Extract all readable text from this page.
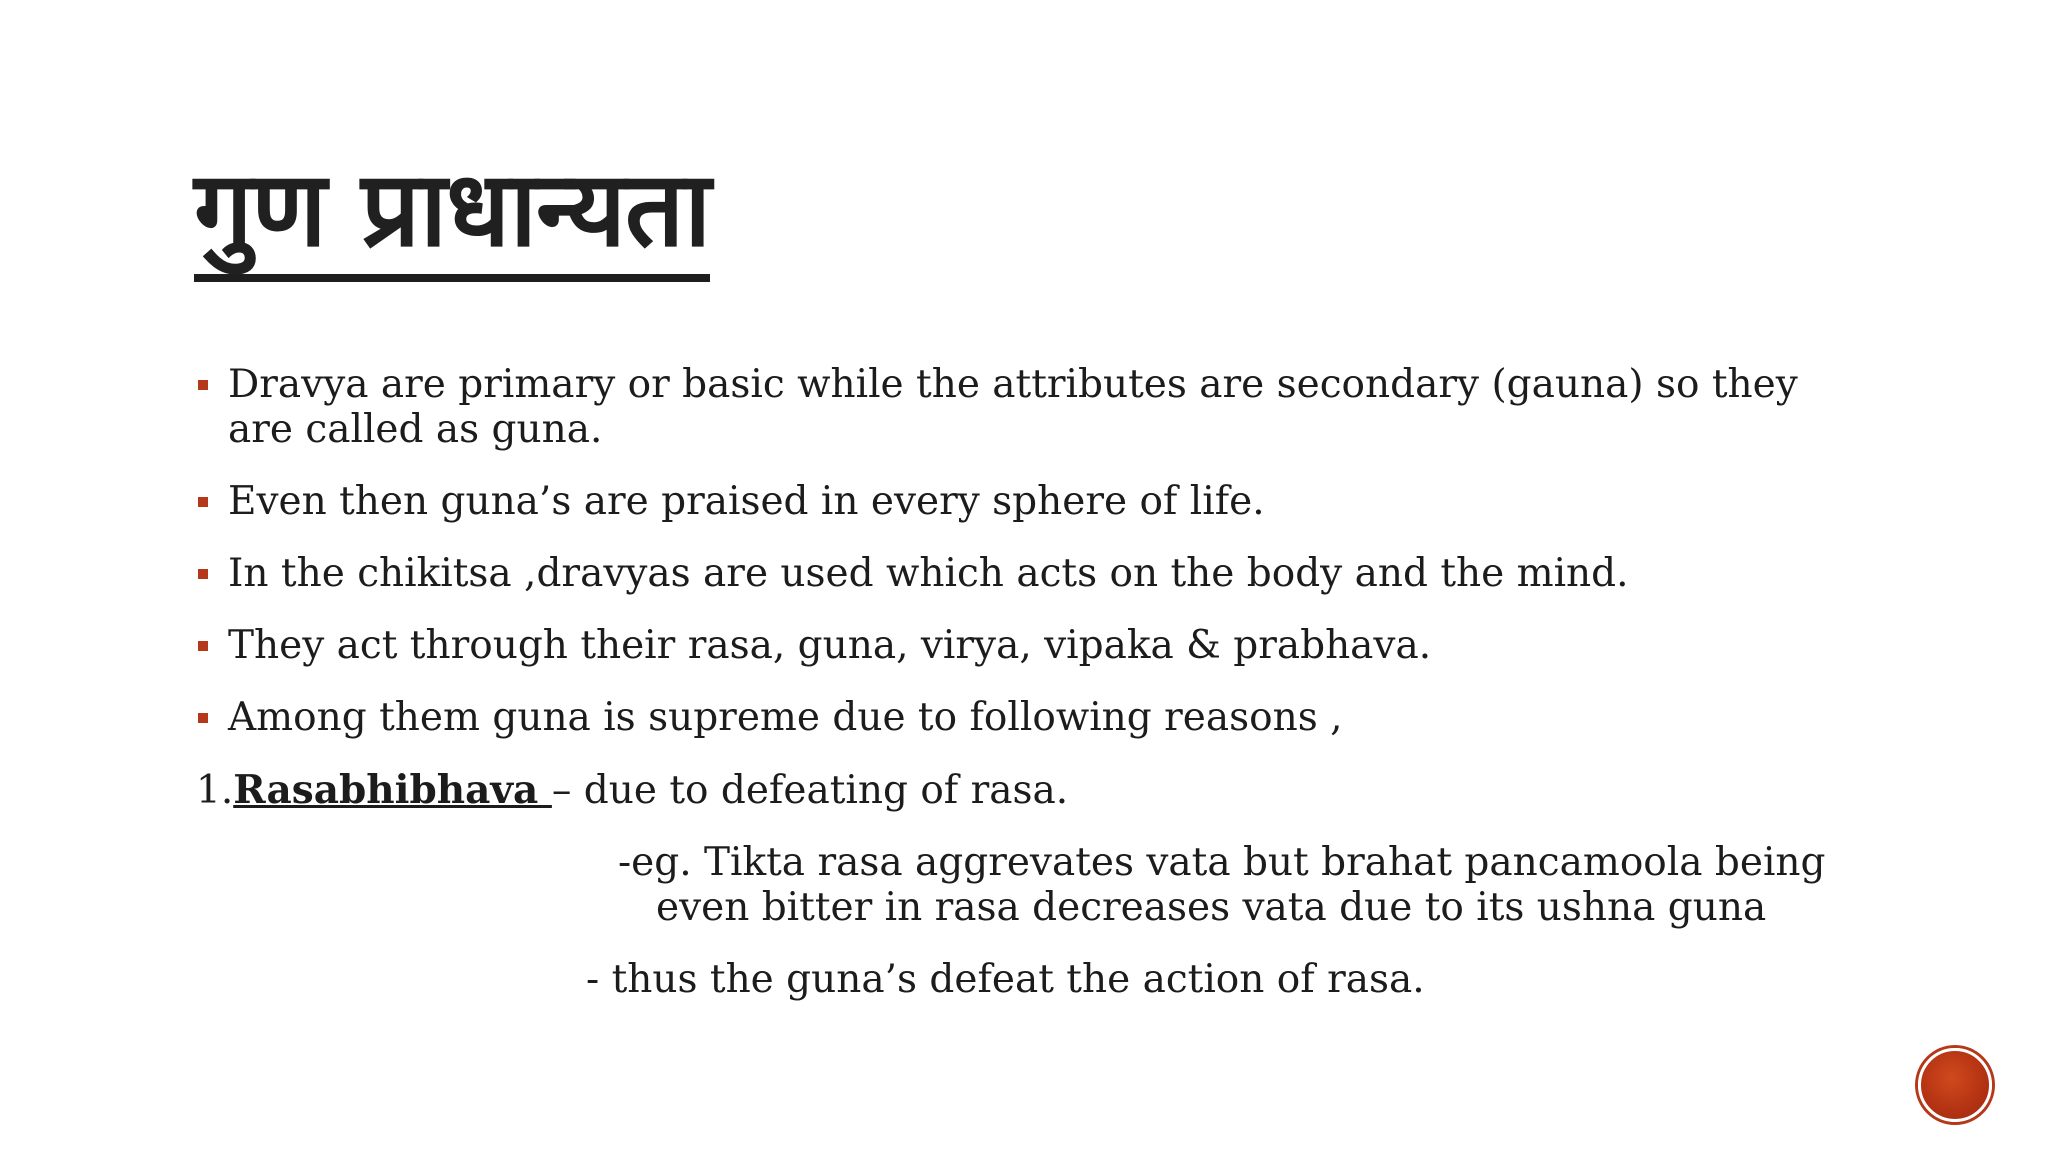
गुण प्राधान्यता
Dravya are primary or basic while the attributes are secondary (gauna) so they are called as guna.
Even then guna’s are praised in every sphere of life.
In the chikitsa ,dravyas are used which acts on the body and the mind.
They act through their rasa, guna, virya, vipaka & prabhava.
Among them guna is supreme due to following reasons ,
1.Rasabhibhava – due to defeating of rasa.
-eg. Tikta rasa aggrevates vata but brahat pancamoola being even bitter in rasa decreases vata due to its ushna guna
- thus the guna’s defeat the action of rasa.
